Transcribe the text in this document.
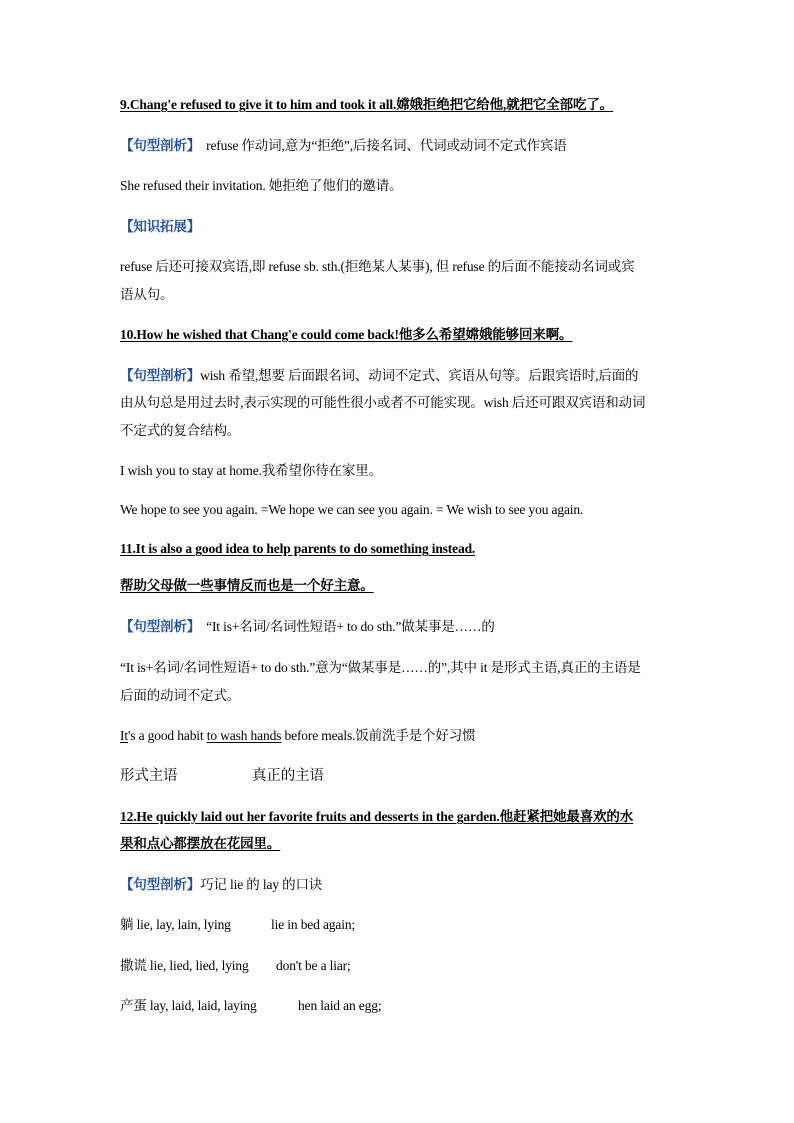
9.Chang'e refused to give it to him and took it all.嫦娥拒绝把它给他,就把它全部吃了。
【句型剖析】 refuse 作动词,意为“拒绝”,后接名词、代词或动词不定式作宾语
She refused their invitation. 她拒绝了他们的邀请。
【知识拓展】
refuse 后还可接双宾语,即 refuse sb. sth.(拒绝某人某事), 但 refuse 的后面不能接动名词或宾
语从句。
10.How he wished that Chang'e could come back!他多么希望嫦娥能够回来啊。
【句型剖析】wish 希望,想要 后面跟名词、动词不定式、宾语从句等。后跟宾语时,后面的
由从句总是用过去时,表示实现的可能性很小或者不可能实现。wish 后还可跟双宾语和动词
不定式的复合结构。
I wish you to stay at home.我希望你待在家里。
We hope to see you again. =We hope we can see you again. = We wish to see you again.
11.It is also a good idea to help parents to do something instead.
帮助父母做一些事情反而也是一个好主意。
【句型剖析】 “It is+名词/名词性短语+ to do sth.”做某事是……的
“It is+名词/名词性短语+ to do sth.”意为“做某事是……的”,其中 it 是形式主语,真正的主语是
后面的动词不定式。
It's a good habit to wash hands before meals.饭前洗手是个好习惯
形式主语	真正的主语
12.He quickly laid out her favorite fruits and desserts in the garden.他赶紧把她最喜欢的水
果和点心都摆放在花园里。
【句型剖析】巧记 lie 的 lay 的口诀
躺 lie, lay, lain, lying	lie in bed again;
撒谎 lie, lied, lied, lying don't be a liar;
产蛋 lay, laid, laid, laying	hen laid an egg;
